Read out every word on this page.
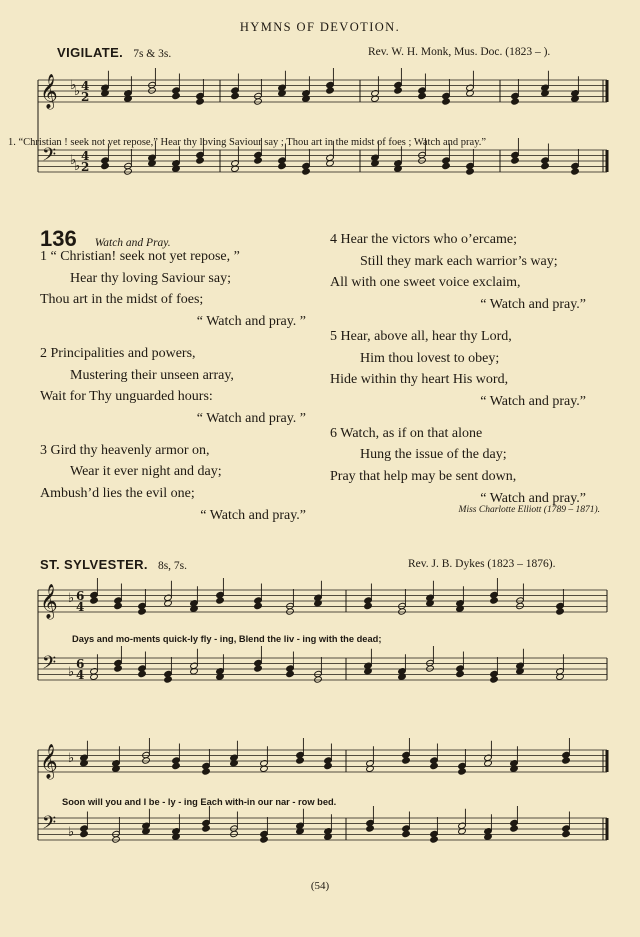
HYMNS OF DEVOTION.
VIGILATE. 7s & 3s.	Rev. W. H. Monk, Mus. Doc. (1823 – ).
𝄞
𝄢
♭
♭
♭
♭
4
2
4
2
1. “Christian ! seek not yet repose,” Hear thy loving Saviour say ; Thou art in the midst of foes ; Watch and pray.”
136 Watch and Pray.
1 “ Christian! seek not yet repose, ”
Hear thy loving Saviour say;
Thou art in the midst of foes;
“ Watch and pray. ”
2 Principalities and powers,
Mustering their unseen array,
Wait for Thy unguarded hours:
“ Watch and pray. ”
3 Gird thy heavenly armor on,
Wear it ever night and day;
Ambush’d lies the evil one;
“ Watch and pray.”
4 Hear the victors who o’ercame;
Still they mark each warrior’s way;
All with one sweet voice exclaim,
“ Watch and pray.”
5 Hear, above all, hear thy Lord,
Him thou lovest to obey;
Hide within thy heart His word,
“ Watch and pray.”
6 Watch, as if on that alone
Hung the issue of the day;
Pray that help may be sent down,
“ Watch and pray.”
Miss Charlotte Elliott (1789 – 1871).
ST. SYLVESTER. 8s, 7s.	Rev. J. B. Dykes (1823 – 1876).
𝄞
𝄢
♭
♭
6
4
6
4
Days and mo-ments quick-ly fly - ing, Blend the liv - ing with the dead;
𝄞
𝄢
♭
♭
Soon will you and I be - ly - ing Each with-in our nar - row bed.
(54)
